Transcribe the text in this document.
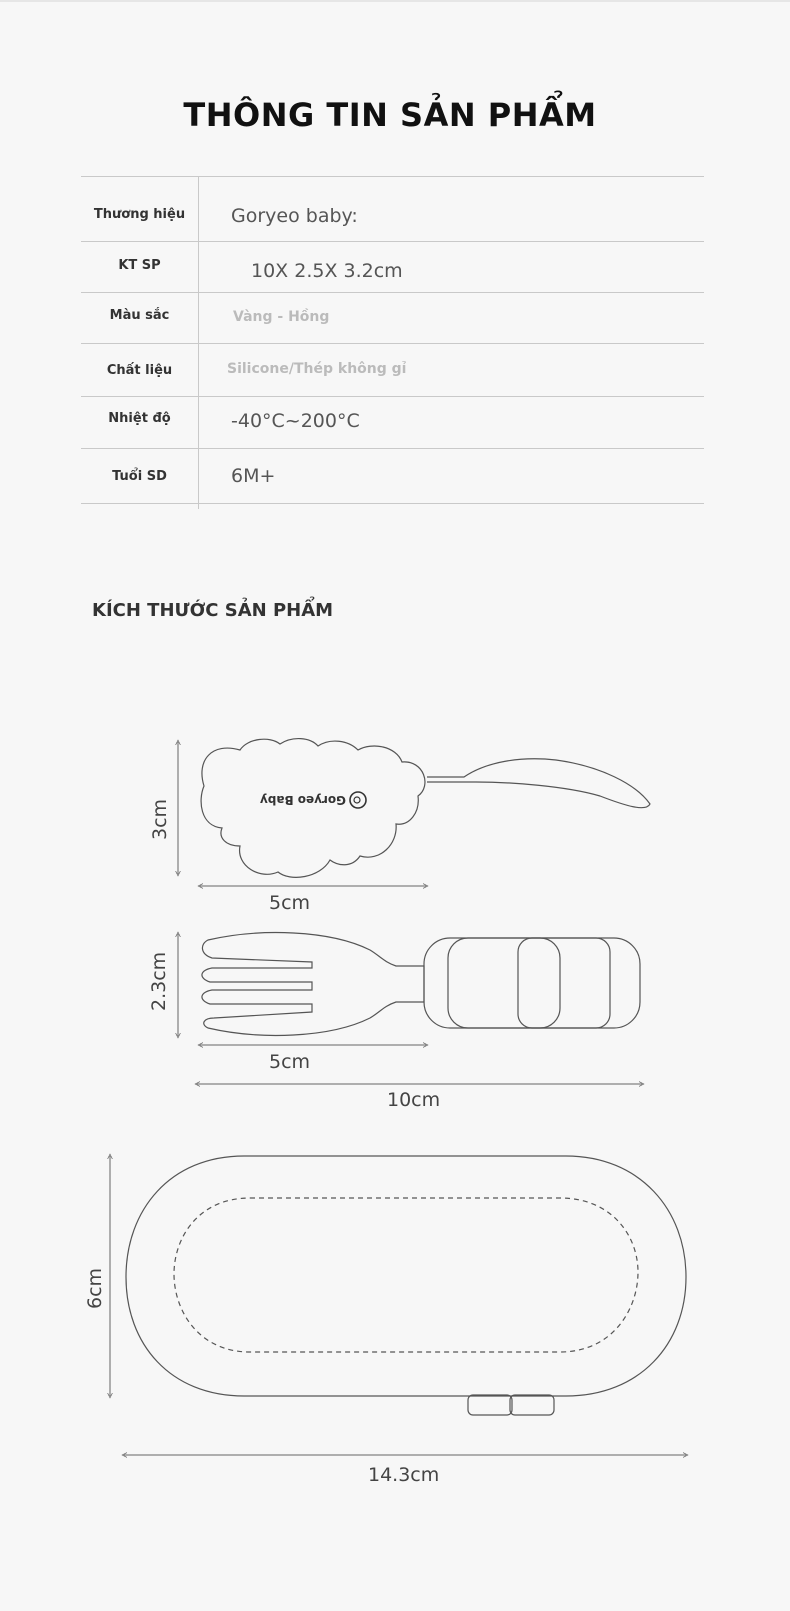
THÔNG TIN SẢN PHẨM
Thương hiệu	Goryeo baby:
KT SP	10X 2.5X 3.2cm
Màu sắc	Vàng - Hồng
Chất liệu	Silicone/Thép không gỉ
Nhiệt độ	-40°C~200°C
Tuổi SD	6M+
KÍCH THƯỚC SẢN PHẨM
Goryeo Baby
3cm
5cm
2.3cm
5cm
10cm
6cm
14.3cm
